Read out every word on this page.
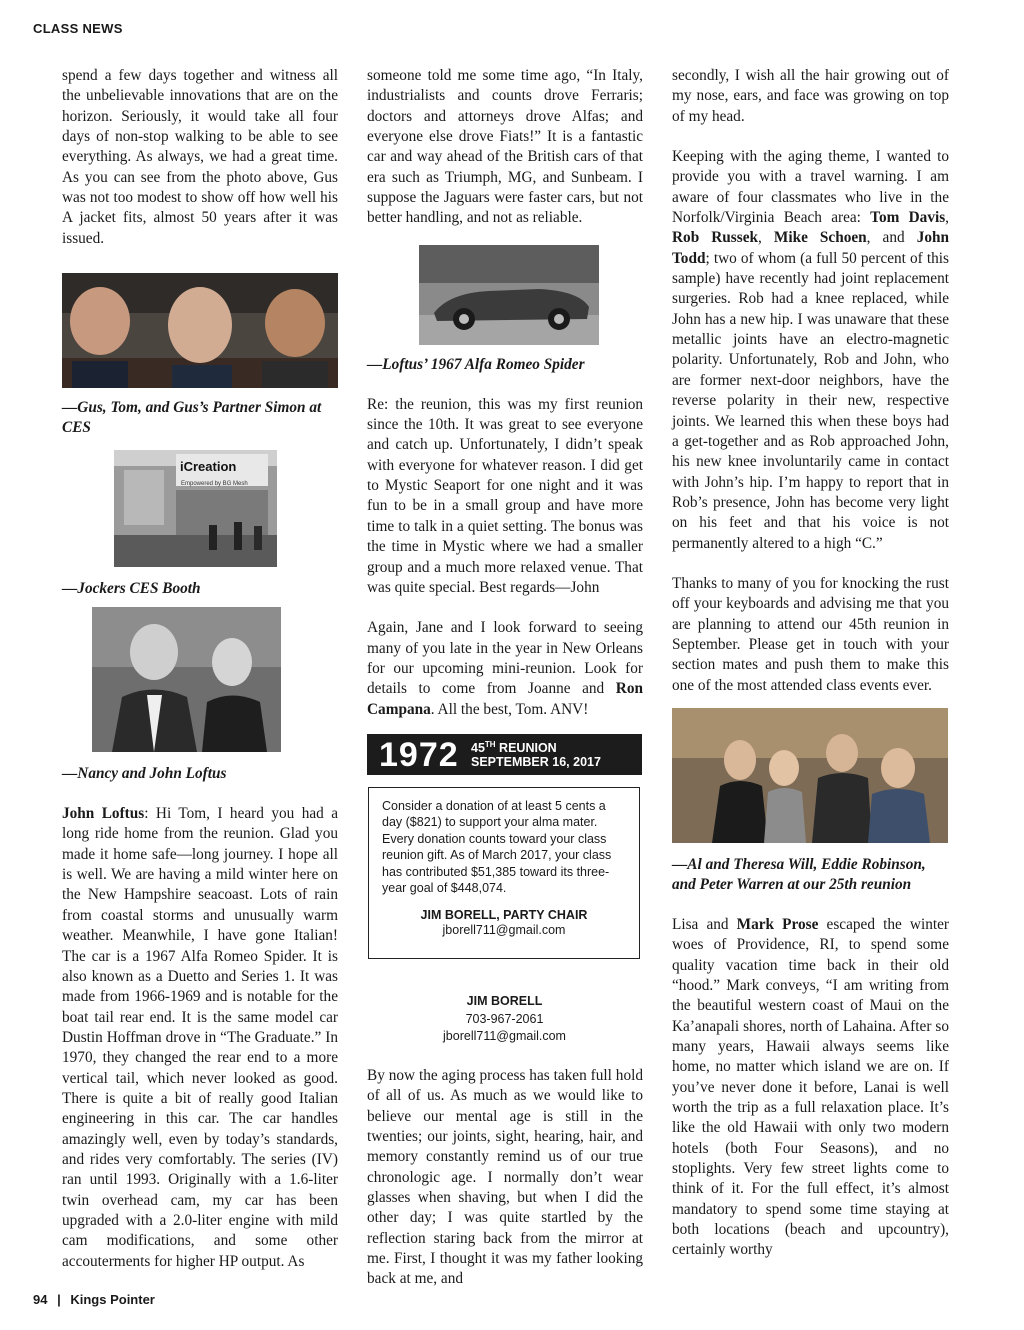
CLASS NEWS

spend a few days together and witness all the unbelievable innovations that are on the horizon. Seriously, it would take all four days of non-stop walking to be able to see everything. As always, we had a great time. As you can see from the photo above, Gus was not too modest to show off how well his A jacket fits, almost 50 years after it was issued.

—Gus, Tom, and Gus’s Partner Simon at CES

iCreation
Empowered by BG Mesh

—Jockers CES Booth

—Nancy and John Loftus

John Loftus: Hi Tom, I heard you had a long ride home from the reunion. Glad you made it home safe—long journey. I hope all is well. We are having a mild winter here on the New Hampshire seacoast. Lots of rain from coastal storms and unusually warm weather. Meanwhile, I have gone Italian! The car is a 1967 Alfa Romeo Spider. It is also known as a Duetto and Series 1. It was made from 1966-1969 and is notable for the boat tail rear end. It is the same model car Dustin Hoffman drove in “The Graduate.” In 1970, they changed the rear end to a more vertical tail, which never looked as good. There is quite a bit of really good Italian engineering in this car. The car handles amazingly well, even by today’s standards, and rides very comfortably. The series (IV) ran until 1993. Originally with a 1.6-liter twin overhead cam, my car has been upgraded with a 2.0-liter engine with mild cam modifications, and some other accouterments for higher HP output. As

someone told me some time ago, “In Italy, industrialists and counts drove Ferraris; doctors and attorneys drove Alfas; and everyone else drove Fiats!” It is a fantastic car and way ahead of the British cars of that era such as Triumph, MG, and Sunbeam. I suppose the Jaguars were faster cars, but not better handling, and not as reliable.

—Loftus’ 1967 Alfa Romeo Spider

Re: the reunion, this was my first reunion since the 10th. It was great to see everyone and catch up. Unfortunately, I didn’t speak with everyone for whatever reason. I did get to Mystic Seaport for one night and it was fun to be in a small group and have more time to talk in a quiet setting. The bonus was the time in Mystic where we had a smaller group and a much more relaxed venue. That was quite special. Best regards—John

Again, Jane and I look forward to seeing many of you late in the year in New Orleans for our upcoming mini-reunion. Look for details to come from Joanne and Ron Campana. All the best, Tom. ANV!

By now the aging process has taken full hold of all of us. As much as we would like to believe our mental age is still in the twenties; our joints, sight, hearing, hair, and memory constantly remind us of our true chronologic age. I normally don’t wear glasses when shaving, but when I did the other day; I was quite startled by the reflection staring back from the mirror at me. First, I thought it was my father looking back at me, and

1972 45TH REUNION
SEPTEMBER 16, 2017
Consider a donation of at least 5 cents a day ($821) to support your alma mater. Every donation counts toward your class reunion gift. As of March 2017, your class has contributed $51,385 toward its three-year goal of $448,074.
JIM BORELL, PARTY CHAIR
jborell711@gmail.com
JIM BORELL
703-967-2061
jborell711@gmail.com

secondly, I wish all the hair growing out of my nose, ears, and face was growing on top of my head.

Keeping with the aging theme, I wanted to provide you with a travel warning. I am aware of four classmates who live in the Norfolk/Virginia Beach area: Tom Davis, Rob Russek, Mike Schoen, and John Todd; two of whom (a full 50 percent of this sample) have recently had joint replacement surgeries. Rob had a knee replaced, while John has a new hip. I was unaware that these metallic joints have an electro-magnetic polarity. Unfortunately, Rob and John, who are former next-door neighbors, have the reverse polarity in their new, respective joints. We learned this when these boys had a get-together and as Rob approached John, his new knee involuntarily came in contact with John’s hip. I’m happy to report that in Rob’s presence, John has become very light on his feet and that his voice is not permanently altered to a high “C.”

Thanks to many of you for knocking the rust off your keyboards and advising me that you are planning to attend our 45th reunion in September. Please get in touch with your section mates and push them to make this one of the most attended class events ever.

—Al and Theresa Will, Eddie Robinson, and Peter Warren at our 25th reunion

Lisa and Mark Prose escaped the winter woes of Providence, RI, to spend some quality vacation time back in their old “hood.” Mark conveys, “I am writing from the beautiful western coast of Maui on the Ka’anapali shores, north of Lahaina. After so many years, Hawaii always seems like home, no matter which island we are on. If you’ve never done it before, Lanai is well worth the trip as a full relaxation place. It’s like the old Hawaii with only two modern hotels (both Four Seasons), and no stoplights. Very few street lights come to think of it. For the full effect, it’s almost mandatory to spend some time staying at both locations (beach and upcountry), certainly worthy

94 | Kings Pointer
